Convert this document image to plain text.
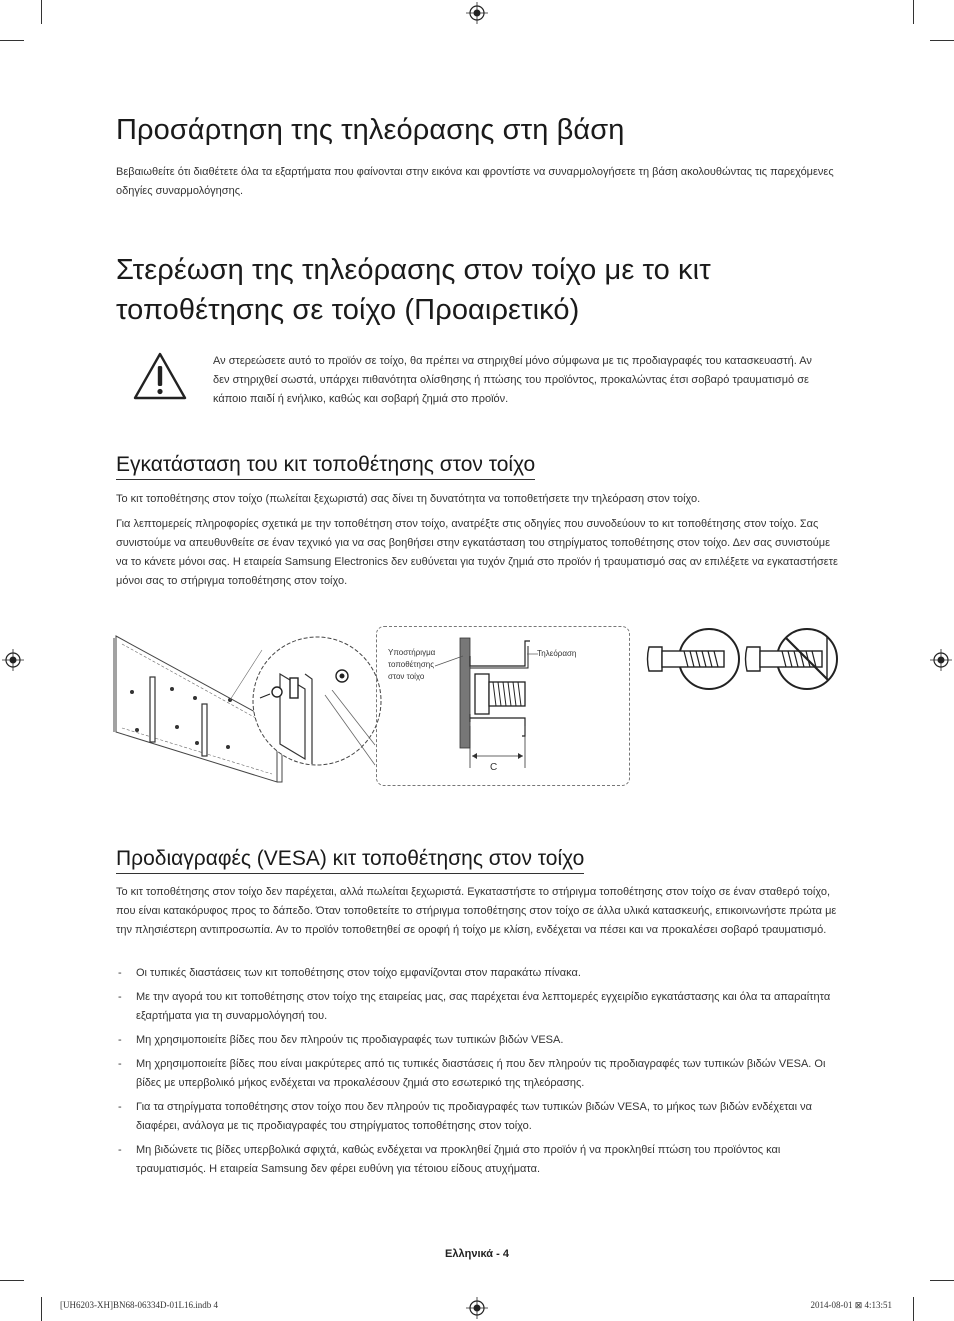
Προσάρτηση της τηλεόρασης στη βάση

Βεβαιωθείτε ότι διαθέτετε όλα τα εξαρτήματα που φαίνονται στην εικόνα και φροντίστε να συναρμολογήσετε τη βάση ακολουθώντας τις παρεχόμενες οδηγίες συναρμολόγησης.

Στερέωση της τηλεόρασης στον τοίχο με το κιτ
τοποθέτησης σε τοίχο (Προαιρετικό)

Αν στερεώσετε αυτό το προϊόν σε τοίχο, θα πρέπει να στηριχθεί μόνο σύμφωνα με τις προδιαγραφές του κατασκευαστή. Αν δεν στηριχθεί σωστά, υπάρχει πιθανότητα ολίσθησης ή πτώσης του προϊόντος, προκαλώντας έτσι σοβαρό τραυματισμό σε κάποιο παιδί ή ενήλικο, καθώς και σοβαρή ζημιά στο προϊόν.

Εγκατάσταση του κιτ τοποθέτησης στον τοίχο

Το κιτ τοποθέτησης στον τοίχο (πωλείται ξεχωριστά) σας δίνει τη δυνατότητα να τοποθετήσετε την τηλεόραση στον τοίχο.

Για λεπτομερείς πληροφορίες σχετικά με την τοποθέτηση στον τοίχο, ανατρέξτε στις οδηγίες που συνοδεύουν το κιτ τοποθέτησης στον τοίχο. Σας συνιστούμε να απευθυνθείτε σε έναν τεχνικό για να σας βοηθήσει στην εγκατάσταση του στηρίγματος τοποθέτησης στον τοίχο. Δεν σας συνιστούμε να το κάνετε μόνοι σας. Η εταιρεία Samsung Electronics δεν ευθύνεται για τυχόν ζημιά στο προϊόν ή τραυματισμό σας αν επιλέξετε να εγκαταστήσετε μόνοι σας το στήριγμα τοποθέτησης στον τοίχο.

Υποστήριγμα
τοποθέτησης
στον τοίχο
Τηλεόραση
C
Προδιαγραφές (VESA) κιτ τοποθέτησης στον τοίχο

Το κιτ τοποθέτησης στον τοίχο δεν παρέχεται, αλλά πωλείται ξεχωριστά. Εγκαταστήστε το στήριγμα τοποθέτησης στον τοίχο σε έναν σταθερό τοίχο, που είναι κατακόρυφος προς το δάπεδο. Όταν τοποθετείτε το στήριγμα τοποθέτησης στον τοίχο σε άλλα υλικά κατασκευής, επικοινωνήστε πρώτα με την πλησιέστερη αντιπροσωπία. Αν το προϊόν τοποθετηθεί σε οροφή ή τοίχο με κλίση, ενδέχεται να πέσει και να προκαλέσει σοβαρό τραυματισμό.

- Οι τυπικές διαστάσεις των κιτ τοποθέτησης στον τοίχο εμφανίζονται στον παρακάτω πίνακα.
- Με την αγορά του κιτ τοποθέτησης στον τοίχο της εταιρείας μας, σας παρέχεται ένα λεπτομερές εγχειρίδιο εγκατάστασης και όλα τα απαραίτητα εξαρτήματα για τη συναρμολόγησή του.
- Μη χρησιμοποιείτε βίδες που δεν πληρούν τις προδιαγραφές των τυπικών βιδών VESA.
- Μη χρησιμοποιείτε βίδες που είναι μακρύτερες από τις τυπικές διαστάσεις ή που δεν πληρούν τις προδιαγραφές των τυπικών βιδών VESA. Οι βίδες με υπερβολικό μήκος ενδέχεται να προκαλέσουν ζημιά στο εσωτερικό της τηλεόρασης.
- Για τα στηρίγματα τοποθέτησης στον τοίχο που δεν πληρούν τις προδιαγραφές των τυπικών βιδών VESA, το μήκος των βιδών ενδέχεται να διαφέρει, ανάλογα με τις προδιαγραφές του στηρίγματος τοποθέτησης στον τοίχο.
- Μη βιδώνετε τις βίδες υπερβολικά σφιχτά, καθώς ενδέχεται να προκληθεί ζημιά στο προϊόν ή να προκληθεί πτώση του προϊόντος και τραυματισμός. Η εταιρεία Samsung δεν φέρει ευθύνη για τέτοιου είδους ατυχήματα.
Ελληνικά - 4
[UH6203-XH]BN68-06334D-01L16.indb 4	2014-08-01 ⊠ 4:13:51
